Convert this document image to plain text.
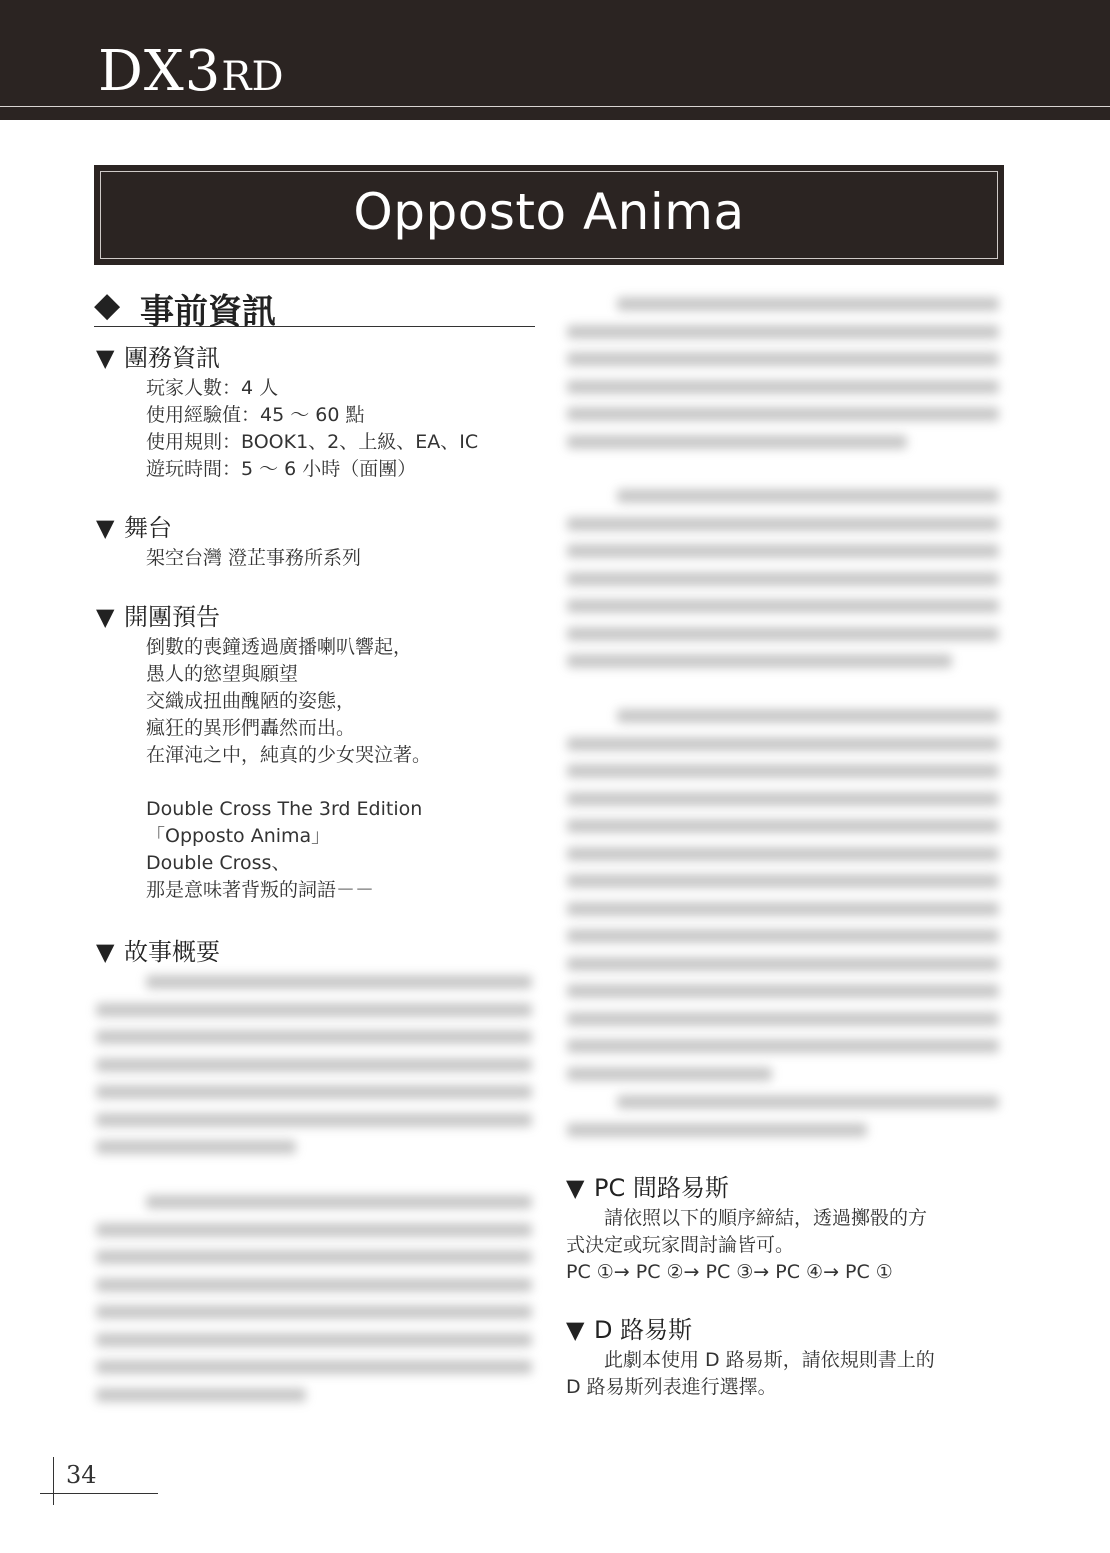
DX3RD
Opposto Anima
◆ 事前資訊
▼ 團務資訊
玩家人數：4 人
使用經驗值：45 ～ 60 點
使用規則：BOOK1、2、上級、EA、IC
遊玩時間：5 ～ 6 小時（面團）
▼ 舞台
架空台灣 澄芷事務所系列
▼ 開團預告
倒數的喪鐘透過廣播喇叭響起，
愚人的慾望與願望
交織成扭曲醜陋的姿態，
瘋狂的異形們轟然而出。
在渾沌之中，純真的少女哭泣著。
Double Cross The 3rd Edition
「Opposto Anima」
Double Cross、
那是意味著背叛的詞語－－
▼ 故事概要
▼ PC 間路易斯
　　請依照以下的順序締結，透過擲骰的方
式決定或玩家間討論皆可。
PC ①→ PC ②→ PC ③→ PC ④→ PC ①
▼ D 路易斯
　　此劇本使用 D 路易斯，請依規則書上的
D 路易斯列表進行選擇。
34
